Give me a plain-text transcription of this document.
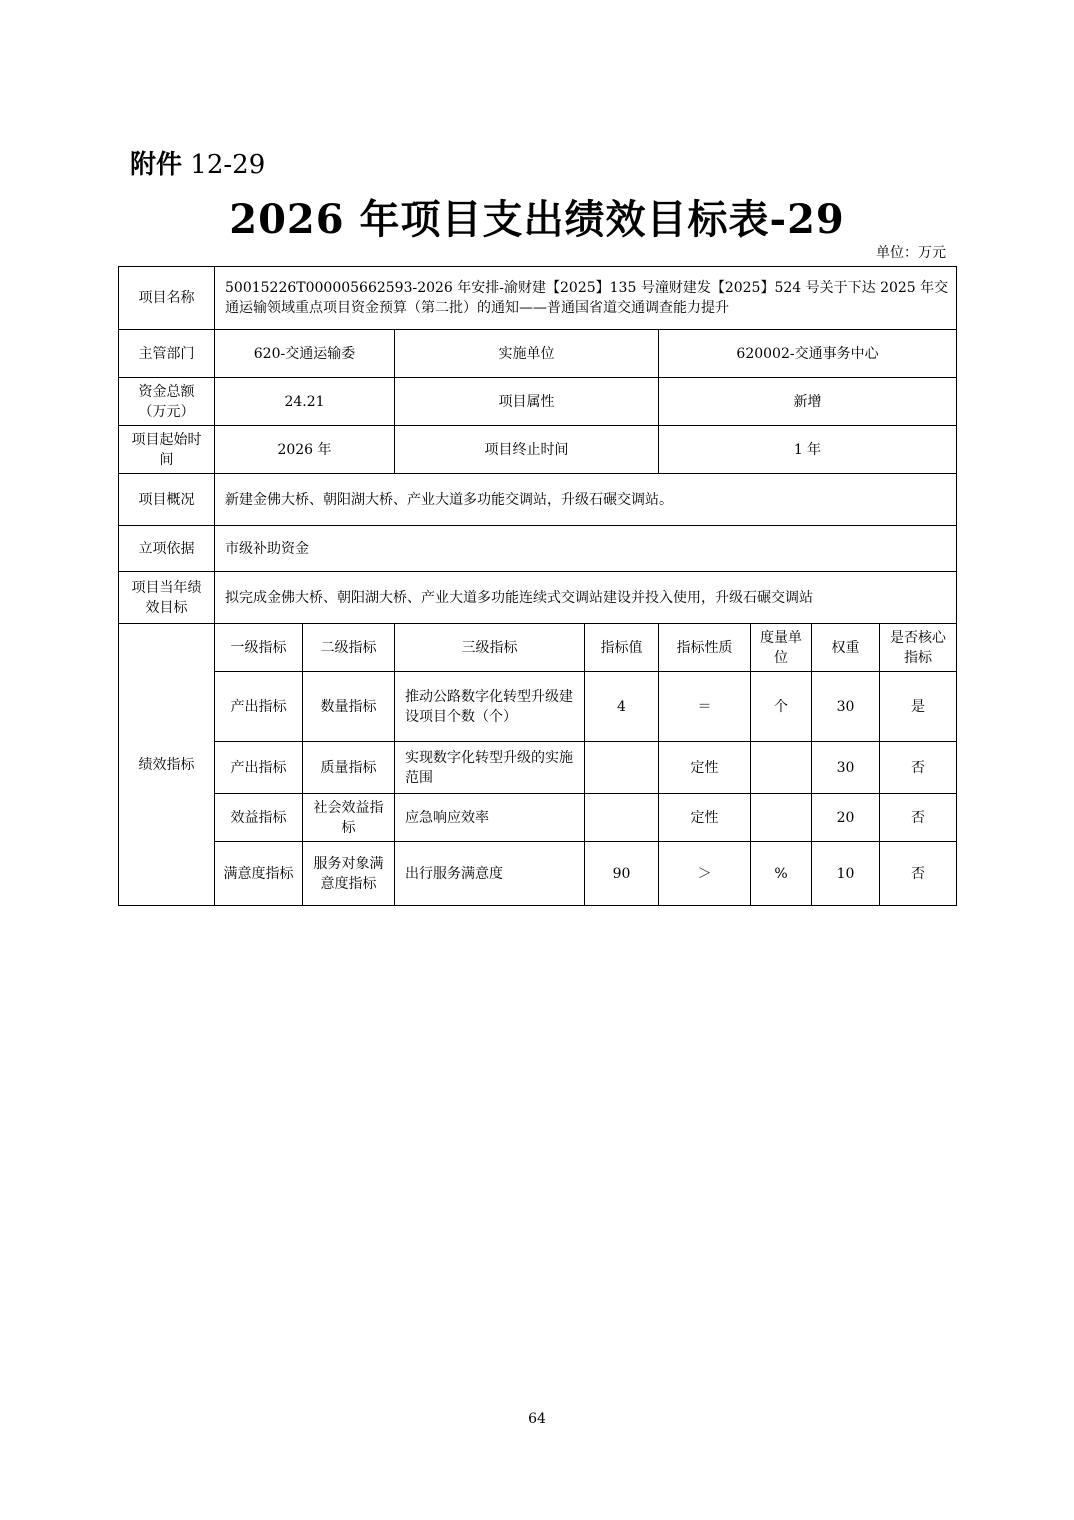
附件 12-29
2026 年项目支出绩效目标表-29
单位：万元
项目名称	50015226T000005662593-2026 年安排-渝财建【2025】135 号潼财建发【2025】524 号关于下达 2025 年交通运输领域重点项目资金预算（第二批）的通知——普通国省道交通调查能力提升							
主管部门	620-交通运输委		实施单位		620002-交通事务中心			
资金总额（万元）	24.21		项目属性		新增			
项目起始时间	2026 年		项目终止时间		1 年			
项目概况	新建金佛大桥、朝阳湖大桥、产业大道多功能交调站，升级石碾交调站。							
立项依据	市级补助资金							
项目当年绩效目标	拟完成金佛大桥、朝阳湖大桥、产业大道多功能连续式交调站建设并投入使用，升级石碾交调站							
绩效指标	一级指标	二级指标	三级指标	指标值	指标性质	度量单位	权重	是否核心指标
	产出指标	数量指标	推动公路数字化转型升级建设项目个数（个）	4	＝	个	30	是
	产出指标	质量指标	实现数字化转型升级的实施范围		定性		30	否
	效益指标	社会效益指标	应急响应效率		定性		20	否
	满意度指标	服务对象满意度指标	出行服务满意度	90	＞	%	10	否
64
